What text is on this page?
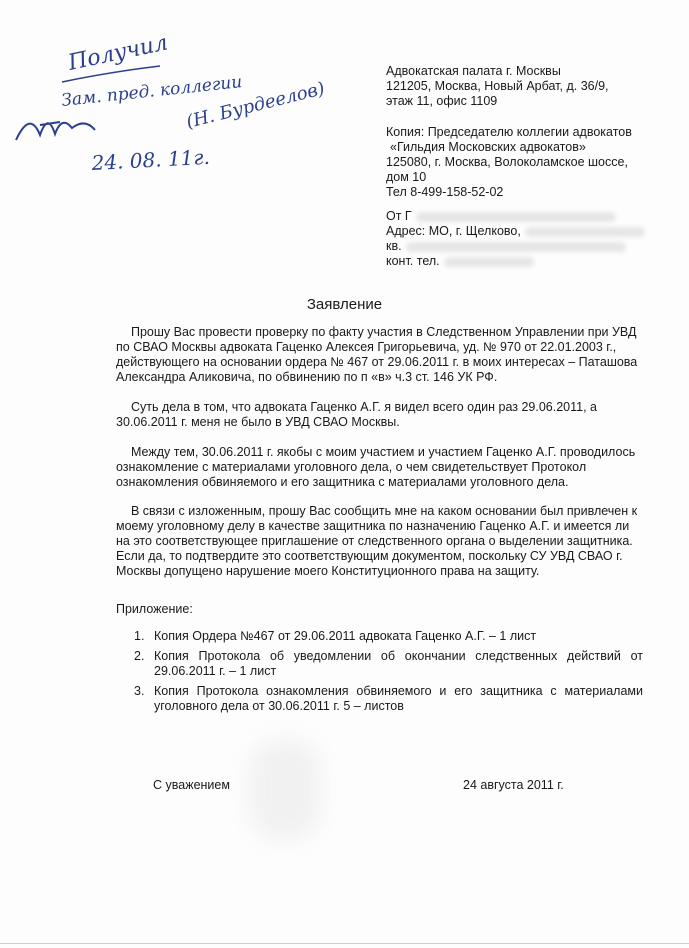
Получил
Зам. пред. коллегии
(Н. Бурдеелов)
24. 08. 11г.
Адвокатская палата г. Москвы
121205, Москва, Новый Арбат, д. 36/9,
этаж 11, офис 1109
Копия: Председателю коллегии адвокатов
«Гильдия Московских адвокатов»
125080, г. Москва, Волоколамское шоссе,
дом 10
Тел 8-499-158-52-02
От Г
Адрес: МО, г. Щелково,
кв.
конт. тел.
Заявление
Прошу Вас провести проверку по факту участия в Следственном Управлении при УВД
по СВАО Москвы адвоката Гаценко Алексея Григорьевича, уд. № 970 от 22.01.2003 г.,
действующего на основании ордера № 467 от 29.06.2011 г. в моих интересах – Паташова
Александра Аликовича, по обвинению по п «в» ч.3 ст. 146 УК РФ.
Суть дела в том, что адвоката Гаценко А.Г. я видел всего один раз 29.06.2011, а
30.06.2011 г. меня не было в УВД СВАО Москвы.
Между тем, 30.06.2011 г. якобы с моим участием и участием Гаценко А.Г. проводилось
ознакомление с материалами уголовного дела, о чем свидетельствует Протокол
ознакомления обвиняемого и его защитника с материалами уголовного дела.
В связи с изложенным, прошу Вас сообщить мне на каком основании был привлечен к
моему уголовному делу в качестве защитника по назначению Гаценко А.Г. и имеется ли
на это соответствующее приглашение от следственного органа о выделении защитника.
Если да, то подтвердите это соответствующим документом, поскольку СУ УВД СВАО г.
Москвы допущено нарушение моего Конституционного права на защиту.
Приложение:
1. Копия Ордера №467 от 29.06.2011 адвоката Гаценко А.Г. – 1 лист
2. Копия Протокола об уведомлении об окончании следственных действий от 29.06.2011 г. – 1 лист
3. Копия Протокола ознакомления обвиняемого и его защитника с материалами уголовного дела от 30.06.2011 г. 5 – листов
С уважением	24 августа 2011 г.
